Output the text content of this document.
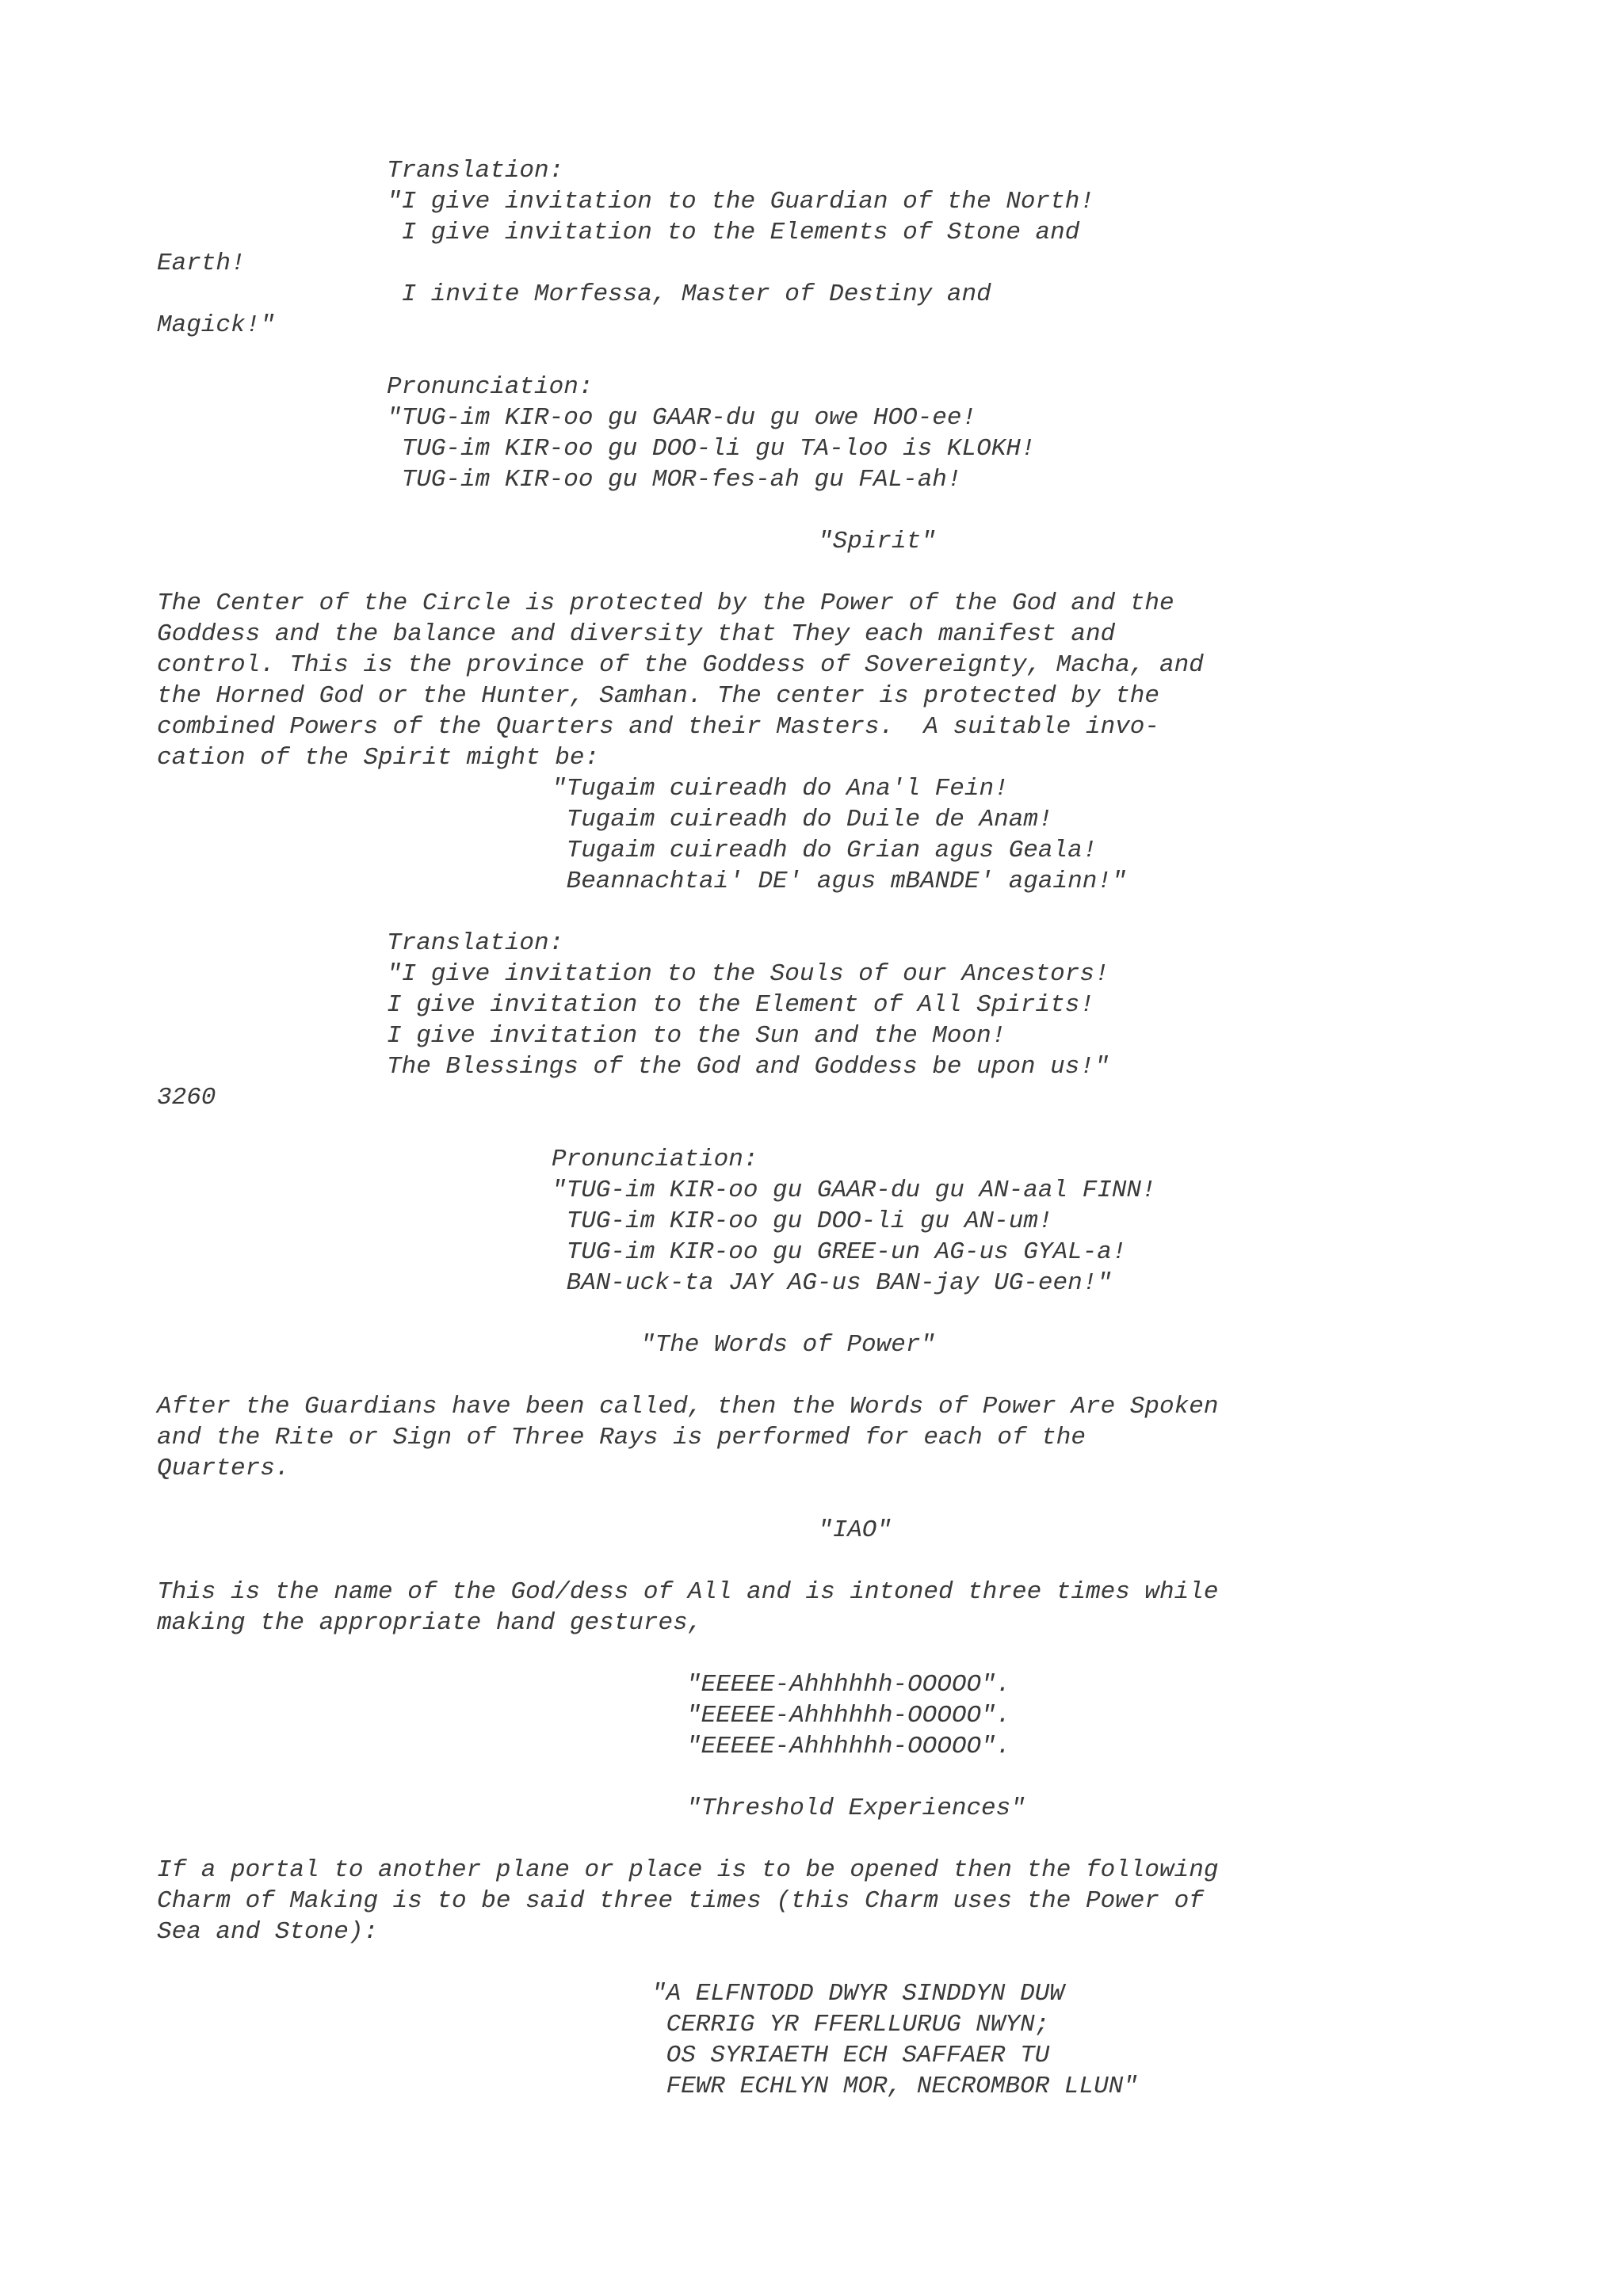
Translation:
"I give invitation to the Guardian of the North!
I give invitation to the Elements of Stone and
Earth!
I invite Morfessa, Master of Destiny and
Magick!"
Pronunciation:
"TUG-im KIR-oo gu GAAR-du gu owe HOO-ee!
TUG-im KIR-oo gu DOO-li gu TA-loo is KLOKH!
TUG-im KIR-oo gu MOR-fes-ah gu FAL-ah!
"Spirit"
The Center of the Circle is protected by the Power of the God and the
Goddess and the balance and diversity that They each manifest and
control. This is the province of the Goddess of Sovereignty, Macha, and
the Horned God or the Hunter, Samhan. The center is protected by the
combined Powers of the Quarters and their Masters.  A suitable invo-
cation of the Spirit might be:
"Tugaim cuireadh do Ana'l Fein!
Tugaim cuireadh do Duile de Anam!
Tugaim cuireadh do Grian agus Geala!
Beannachtai' DE' agus mBANDE' againn!"
Translation:
"I give invitation to the Souls of our Ancestors!
I give invitation to the Element of All Spirits!
I give invitation to the Sun and the Moon!
The Blessings of the God and Goddess be upon us!"
3260
Pronunciation:
"TUG-im KIR-oo gu GAAR-du gu AN-aal FINN!
TUG-im KIR-oo gu DOO-li gu AN-um!
TUG-im KIR-oo gu GREE-un AG-us GYAL-a!
BAN-uck-ta JAY AG-us BAN-jay UG-een!"
"The Words of Power"
After the Guardians have been called, then the Words of Power Are Spoken
and the Rite or Sign of Three Rays is performed for each of the
Quarters.
"IAO"
This is the name of the God/dess of All and is intoned three times while
making the appropriate hand gestures,
"EEEEE-Ahhhhhh-OOOOO".
"EEEEE-Ahhhhhh-OOOOO".
"EEEEE-Ahhhhhh-OOOOO".
"Threshold Experiences"
If a portal to another plane or place is to be opened then the following
Charm of Making is to be said three times (this Charm uses the Power of
Sea and Stone):
"A ELFNTODD DWYR SINDDYN DUW
CERRIG YR FFERLLURUG NWYN;
OS SYRIAETH ECH SAFFAER TU
FEWR ECHLYN MOR, NECROMBOR LLUN"
